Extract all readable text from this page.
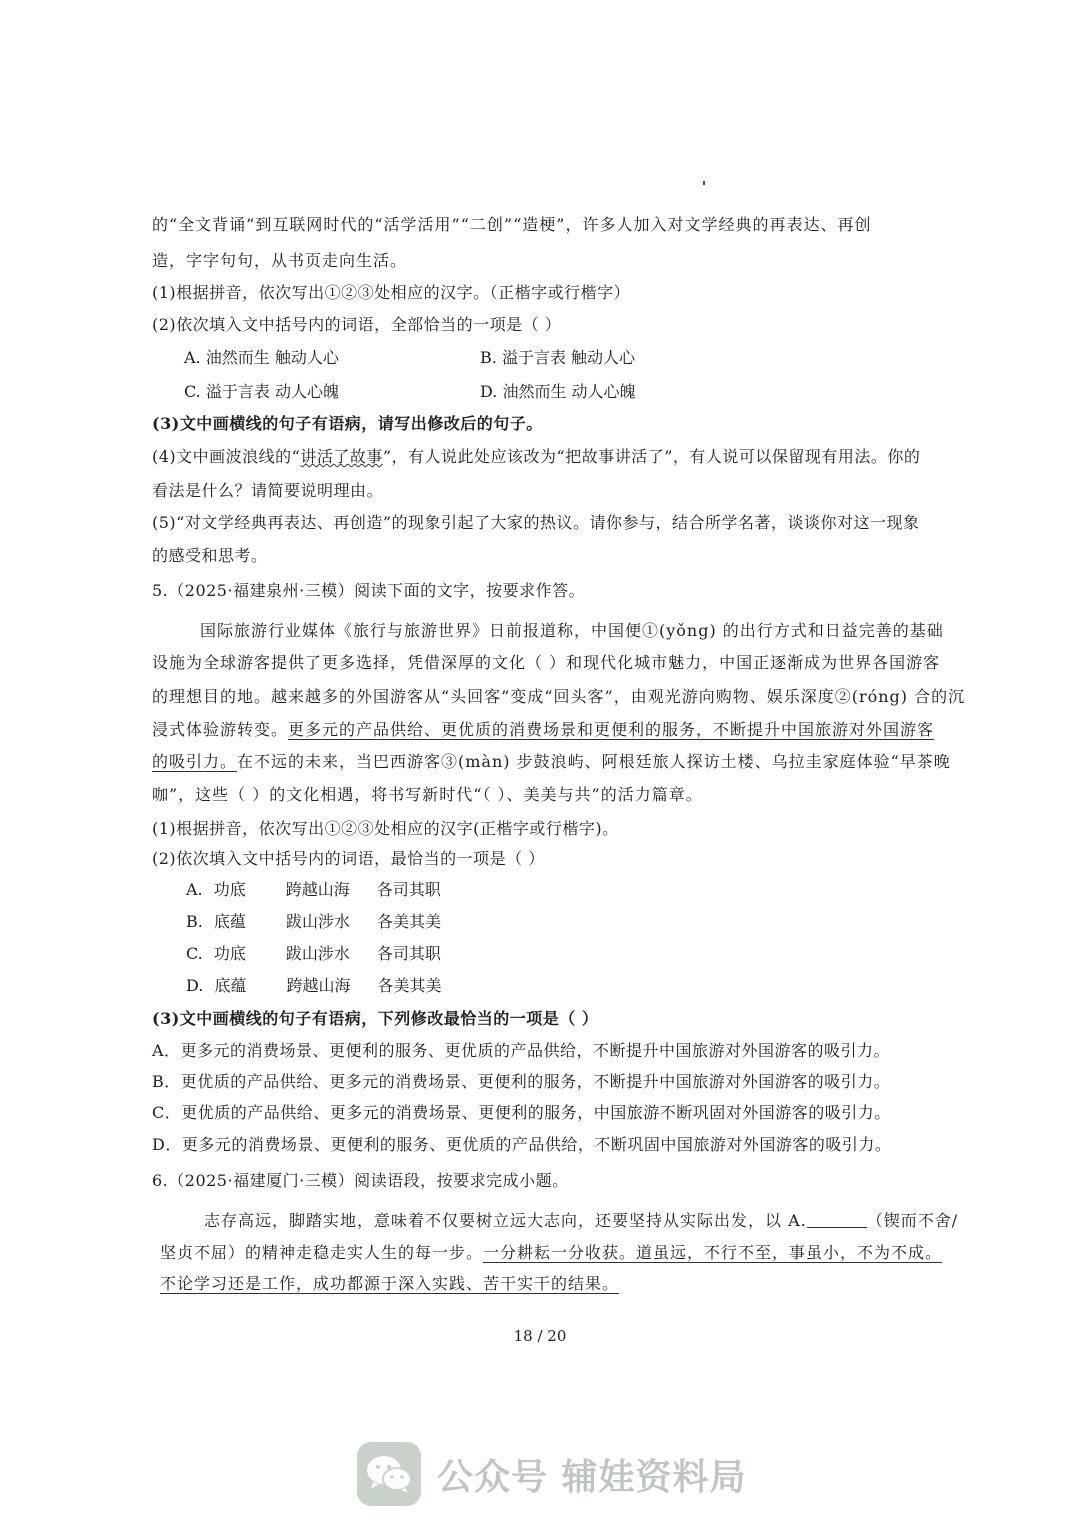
的“全文背诵”到互联网时代的“活学活用”“二创”“造梗”，许多人加入对文学经典的再表达、再创
造，字字句句，从书页走向生活。
(1)根据拼音，依次写出①②③处相应的汉字。（正楷字或行楷字）
(2)依次填入文中括号内的词语，全部恰当的一项是（ ）
A. 油然而生 触动人心	B. 溢于言表 触动人心
C. 溢于言表 动人心魄	D. 油然而生 动人心魄
(3)文中画横线的句子有语病，请写出修改后的句子。
(4)文中画波浪线的“讲活了故事”，有人说此处应该改为“把故事讲活了”，有人说可以保留现有用法。你的
看法是什么？请简要说明理由。
(5)“对文学经典再表达、再创造”的现象引起了大家的热议。请你参与，结合所学名著，谈谈你对这一现象
的感受和思考。
5.（2025·福建泉州·三模）阅读下面的文字，按要求作答。
国际旅游行业媒体《旅行与旅游世界》日前报道称，中国便①(yǒng) 的出行方式和日益完善的基础
设施为全球游客提供了更多选择，凭借深厚的文化（ ）和现代化城市魅力，中国正逐渐成为世界各国游客
的理想目的地。越来越多的外国游客从“头回客”变成“回头客”，由观光游向购物、娱乐深度②(róng) 合的沉
浸式体验游转变。更多元的产品供给、更优质的消费场景和更便利的服务，不断提升中国旅游对外国游客
的吸引力。在不远的未来，当巴西游客③(màn) 步鼓浪屿、阿根廷旅人探访土楼、乌拉圭家庭体验“早茶晚
咖”，这些（ ）的文化相遇，将书写新时代“（ ）、美美与共”的活力篇章。
(1)根据拼音，依次写出①②③处相应的汉字(正楷字或行楷字)。
(2)依次填入文中括号内的词语，最恰当的一项是（ ）
A. 功底	跨越山海 各司其职
B. 底蕴	跋山涉水 各美其美
C. 功底	跋山涉水 各司其职
D. 底蕴	跨越山海 各美其美
(3)文中画横线的句子有语病，下列修改最恰当的一项是（ ）
A．更多元的消费场景、更便利的服务、更优质的产品供给，不断提升中国旅游对外国游客的吸引力。
B．更优质的产品供给、更多元的消费场景、更便利的服务，不断提升中国旅游对外国游客的吸引力。
C．更优质的产品供给、更多元的消费场景、更便利的服务，中国旅游不断巩固对外国游客的吸引力。
D．更多元的消费场景、更便利的服务、更优质的产品供给，不断巩固中国旅游对外国游客的吸引力。
6.（2025·福建厦门·三模）阅读语段，按要求完成小题。
志存高远，脚踏实地，意味着不仅要树立远大志向，还要坚持从实际出发，以 A.	（锲而不舍/
坚贞不屈）的精神走稳走实人生的每一步。一分耕耘一分收获。道虽远，不行不至，事虽小，不为不成。
不论学习还是工作，成功都源于深入实践、苦干实干的结果。
18 / 20
公众号 辅娃资料局
